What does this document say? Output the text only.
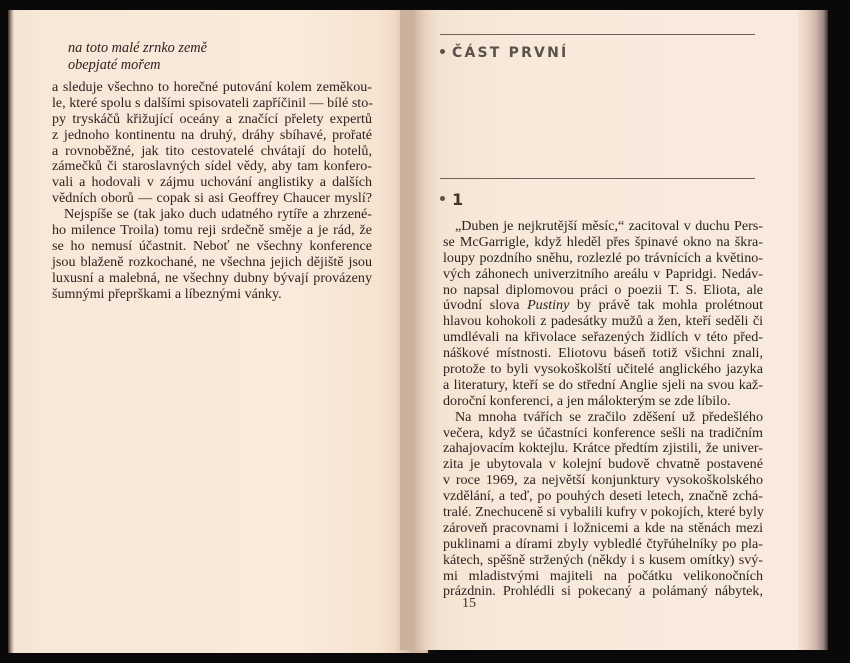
na toto malé zrnko země
obepjaté mořem
a sleduje všechno to horečné putování kolem zeměkou-
le, které spolu s dalšími spisovateli zapříčinil — bílé sto-
py tryskáčů křižující oceány a značící přelety expertů
z jednoho kontinentu na druhý, dráhy sbíhavé, prořaté
a rovnoběžné, jak tito cestovatelé chvátají do hotelů,
zámečků či staroslavných sídel vědy, aby tam konfero-
vali a hodovali v zájmu uchování anglistiky a dalších
vědních oborů — copak si asi Geoffrey Chaucer myslí?
Nejspíše se (tak jako duch udatného rytíře a zhrzené-
ho milence Troila) tomu reji srdečně směje a je rád, že
se ho nemusí účastnit. Neboť ne všechny konference
jsou blaženě rozkochané, ne všechna jejich dějiště jsou
luxusní a malebná, ne všechny dubny bývají provázeny
šumnými přeprškami a líbeznými vánky.
ČÁST PRVNÍ
1
„Duben je nejkrutější měsíc,“ zacitoval v duchu Pers-
se McGarrigle, když hleděl přes špinavé okno na škra-
loupy pozdního sněhu, rozlezlé po trávnících a květino-
vých záhonech univerzitního areálu v Papridgi. Nedáv-
no napsal diplomovou práci o poezii T. S. Eliota, ale
úvodní slova Pustiny by právě tak mohla prolétnout
hlavou kohokoli z padesátky mužů a žen, kteří seděli či
umdlévali na křivolace seřazených židlích v této před-
náškové místnosti. Eliotovu báseň totiž všichni znali,
protože to byli vysokoškolští učitelé anglického jazyka
a literatury, kteří se do střední Anglie sjeli na svou kaž-
doroční konferenci, a jen málokterým se zde líbilo.
Na mnoha tvářích se zračilo zděšení už předešlého
večera, když se účastníci konference sešli na tradičním
zahajovacím koktejlu. Krátce předtím zjistili, že univer-
zita je ubytovala v kolejní budově chvatně postavené
v roce 1969, za největší konjunktury vysokoškolského
vzdělání, a teď, po pouhých deseti letech, značně zchá-
tralé. Znechuceně si vybalili kufry v pokojích, které byly
zároveň pracovnami i ložnicemi a kde na stěnách mezi
puklinami a dírami zbyly vybledlé čtyřúhelníky po pla-
kátech, spěšně stržených (někdy i s kusem omítky) svý-
mi mladistvými majiteli na počátku velikonočních
prázdnin. Prohlédli si pokecaný a polámaný nábytek,
15
